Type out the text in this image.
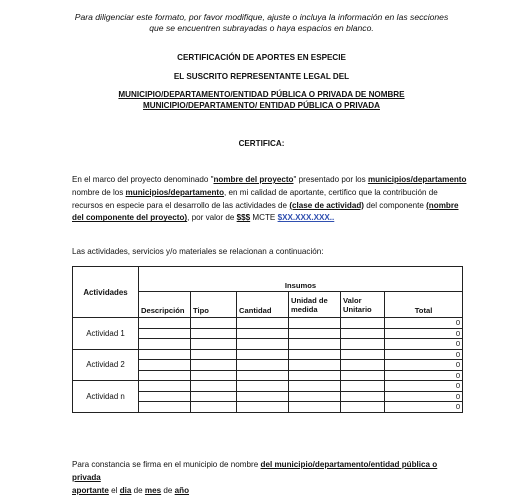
Para diligenciar este formato, por favor modifique, ajuste o incluya la información en las secciones
que se encuentren subrayadas o haya espacios en blanco.
CERTIFICACIÓN DE APORTES EN ESPECIE
EL SUSCRITO REPRESENTANTE LEGAL DEL
MUNICIPIO/DEPARTAMENTO/ENTIDAD PÚBLICA O PRIVADA DE NOMBRE
MUNICIPIO/DEPARTAMENTO/ ENTIDAD PÚBLICA O PRIVADA
CERTIFICA:

En el marco del proyecto denominado "nombre del proyecto" presentado por los municipios/departamento
nombre de los municipios/departamento, en mi calidad de aportante, certifico que la contribución de
recursos en especie para el desarrollo de las actividades de (clase de actividad) del componente (nombre
del componente del proyecto), por valor de $$$ MCTE $XX.XXX.XXX..

Las actividades, servicios y/o materiales se relacionan a continuación:

Actividades	Insumos					
	Descripción	Tipo	Cantidad	Unidad de medida	Valor Unitario	Total
Actividad 1						0
						0
						0
Actividad 2						0
						0
						0
Actividad n						0
						0
						0

Para constancia se firma en el municipio de nombre del municipio/departamento/entidad pública o privada
aportante el dia de mes de año
